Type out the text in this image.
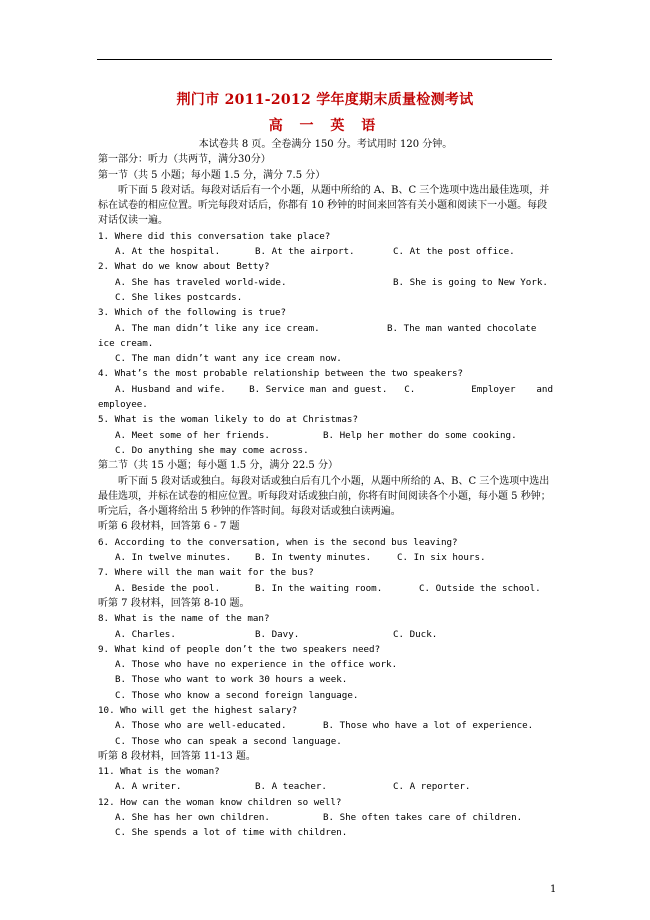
荆门市 2011-2012 学年度期末质量检测考试
高 一 英 语
本试卷共 8 页。全卷满分 150 分。考试用时 120 分钟。
第一部分：听力（共两节，满分30分）
第一节（共 5 小题；每小题 1.5 分，满分 7.5 分）
听下面 5 段对话。每段对话后有一个小题，从题中所给的 A、B、C 三个选项中选出最佳选项，并标在试卷的相应位置。听完每段对话后，你都有 10 秒钟的时间来回答有关小题和阅读下一小题。每段对话仅读一遍。
1. Where did this conversation take place?
A. At the hospital.	B. At the airport.	C. At the post office.
2. What do we know about Betty?
A. She has traveled world-wide.	B. She is going to New York.
C. She likes postcards.
3. Which of the following is true?
A. The man didn’t like any ice cream.	B. The man wanted chocolate
ice cream.
C. The man didn’t want any ice cream now.
4. What’s the most probable relationship between the two speakers?
A. Husband and wife.	B. Service man and guest.	C.	Employer	and
employee.
5. What is the woman likely to do at Christmas?
A. Meet some of her friends.	B. Help her mother do some cooking.
C. Do anything she may come across.
第二节（共 15 小题；每小题 1.5 分，满分 22.5 分）
听下面 5 段对话或独白。每段对话或独白后有几个小题，从题中所给的 A、B、C 三个选项中选出最佳选项，并标在试卷的相应位置。听每段对话或独白前，你将有时间阅读各个小题，每小题 5 秒钟；听完后，各小题将给出 5 秒钟的作答时间。每段对话或独白读两遍。
听第 6 段材料，回答第 6 - 7 题
6. According to the conversation, when is the second bus leaving?
A. In twelve minutes.	B. In twenty minutes.	C. In six hours.
7. Where will the man wait for the bus?
A. Beside the pool.	B. In the waiting room.	C. Outside the school.
听第 7 段材料，回答第 8-10 题。
8. What is the name of the man?
A. Charles.	B. Davy.	C. Duck.
9. What kind of people don’t the two speakers need?
A. Those who have no experience in the office work.
B. Those who want to work 30 hours a week.
C. Those who know a second foreign language.
10. Who will get the highest salary?
A. Those who are well-educated.	B. Those who have a lot of experience.
C. Those who can speak a second language.
听第 8 段材料，回答第 11-13 题。
11. What is the woman?
A. A writer.	B. A teacher.	C. A reporter.
12. How can the woman know children so well?
A. She has her own children.	B. She often takes care of children.
C. She spends a lot of time with children.
1
